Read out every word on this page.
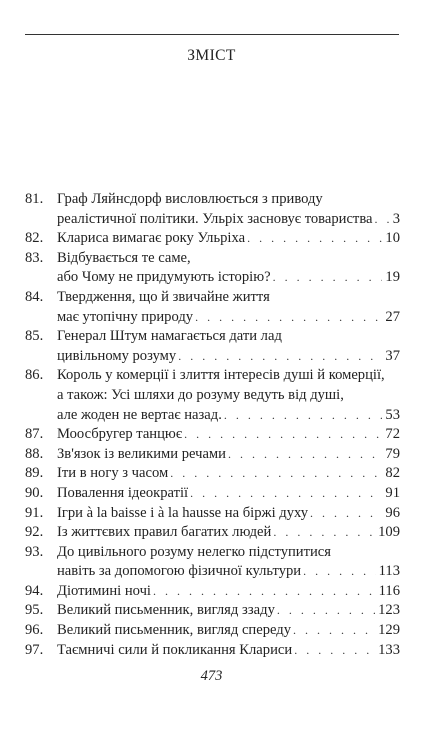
ЗМІСТ
81. Граф Ляйнсдорф висловлюється з приводу
реалістичної політики. Ульріх засновує товариства . . . 3
82. Клариса вимагає року Ульріха . . .	10
83. Відбувається те саме,
або Чому не придумують історію? . . .	19
84. Твердження, що й звичайне життя
має утопічну природу . . .	27
85. Генерал Штум намагається дати лад
цивільному розуму . . .	37
86. Король у комерції і злиття інтересів душі й комерції,
а також: Усі шляхи до розуму ведуть від душі,
але жоден не вертає назад. . . .	53
87. Моосбругер танцює . . .	72
88. Зв'язок із великими речами . . .	79
89. Іти в ногу з часом . . .	82
90. Повалення ідеократії . . .	91
91. Ігри à la baisse і à la hausse на біржі духу . . .	96
92. Із життєвих правил багатих людей . . .	109
93. До цивільного розуму нелегко підступитися
навіть за допомогою фізичної культури . . .	113
94. Діотимині ночі . . .	116
95. Великий письменник, вигляд ззаду . . .	123
96. Великий письменник, вигляд спереду . . .	129
97. Таємничі сили й покликання Клариси . . .	133
473
